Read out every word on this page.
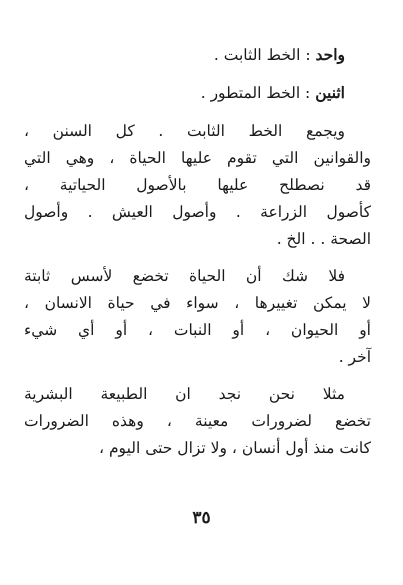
واحد : الخط الثابت .
اثنين : الخط المتطور .
ويجمع الخط الثابت . كل السنن ،
والقوانين التي تقوم عليها الحياة ، وهي التي
قد نصطلح عليها بالأصول الحياتية ،
كأصول الزراعة . وأصول العيش . وأصول
الصحة . . الخ .
فلا شك أن الحياة تخضع لأسس ثابتة
لا يمكن تغييرها ، سواء في حياة الانسان ،
أو الحيوان ، أو النبات ، أو أي شيء
آخر .
مثلا نحن نجد ان الطبيعة البشرية
تخضع لضرورات معينة ، وهذه الضرورات
كانت منذ أول أنسان ، ولا تزال حتى اليوم ،
٣٥
